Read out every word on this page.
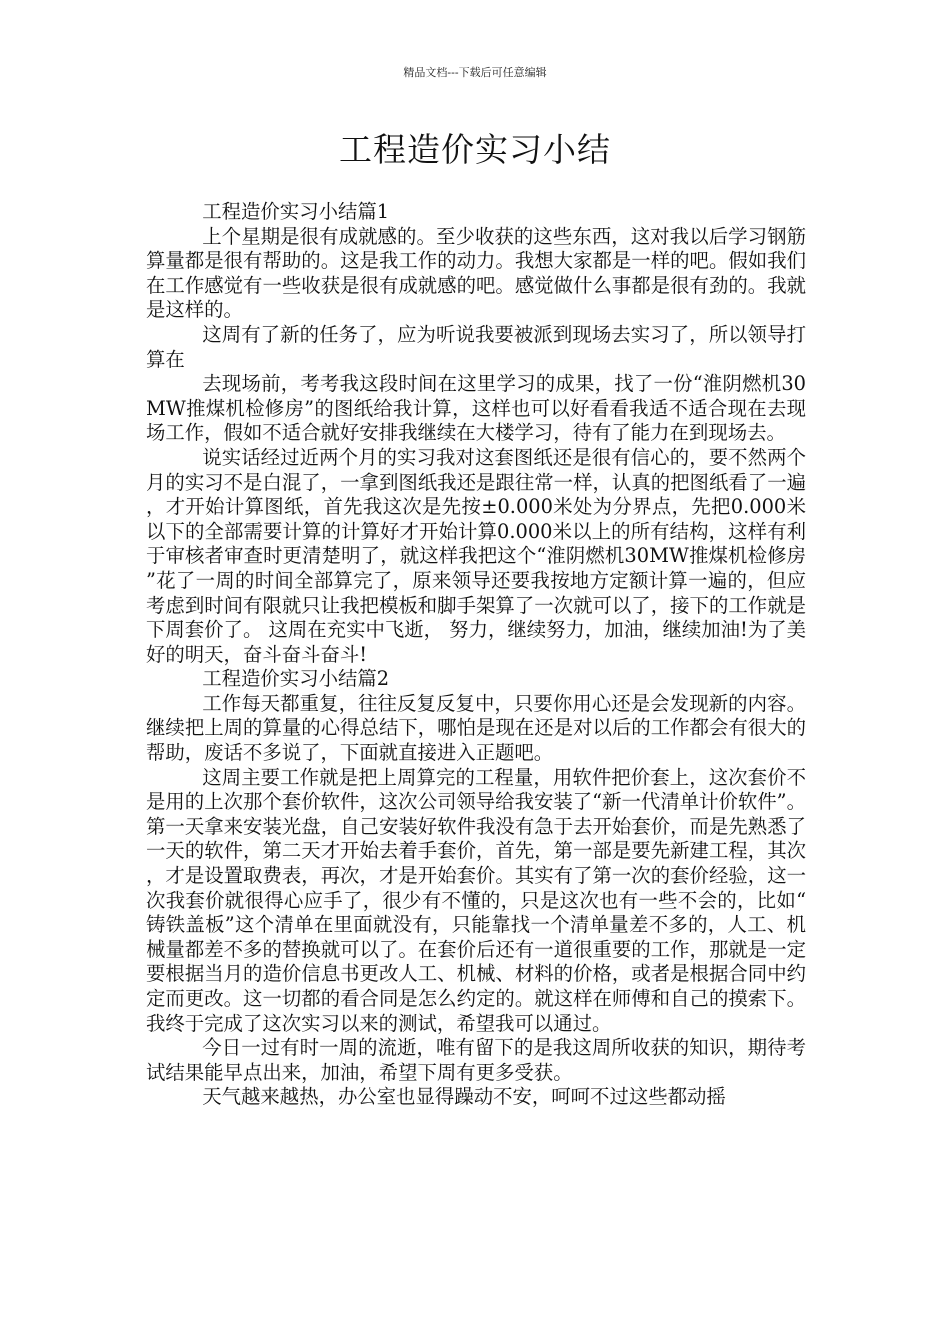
精品文档---下载后可任意编辑
工程造价实习小结

工程造价实习小结篇1

上个星期是很有成就感的。至少收获的这些东西，这对我以后学习钢筋算量都是很有帮助的。这是我工作的动力。我想大家都是一样的吧。假如我们在工作感觉有一些收获是很有成就感的吧。感觉做什么事都是很有劲的。我就是这样的。

这周有了新的任务了，应为听说我要被派到现场去实习了，所以领导打算在

去现场前，考考我这段时间在这里学习的成果，找了一份“淮阴燃机30MW推煤机检修房”的图纸给我计算，这样也可以好看看我适不适合现在去现场工作，假如不适合就好安排我继续在大楼学习，待有了能力在到现场去。

说实话经过近两个月的实习我对这套图纸还是很有信心的，要不然两个月的实习不是白混了，一拿到图纸我还是跟往常一样，认真的把图纸看了一遍，才开始计算图纸，首先我这次是先按±0.000米处为分界点，先把0.000米以下的全部需要计算的计算好才开始计算0.000米以上的所有结构，这样有利于审核者审查时更清楚明了，就这样我把这个“淮阴燃机30MW推煤机检修房”花了一周的时间全部算完了，原来领导还要我按地方定额计算一遍的，但应考虑到时间有限就只让我把模板和脚手架算了一次就可以了，接下的工作就是下周套价了。 这周在充实中飞逝， 努力，继续努力，加油，继续加油!为了美好的明天，奋斗奋斗奋斗!

工程造价实习小结篇2

工作每天都重复，往往反复反复中，只要你用心还是会发现新的内容。继续把上周的算量的心得总结下，哪怕是现在还是对以后的工作都会有很大的帮助，废话不多说了，下面就直接进入正题吧。

这周主要工作就是把上周算完的工程量，用软件把价套上，这次套价不是用的上次那个套价软件，这次公司领导给我安装了“新一代清单计价软件”。第一天拿来安装光盘，自己安装好软件我没有急于去开始套价，而是先熟悉了一天的软件，第二天才开始去着手套价，首先，第一部是要先新建工程，其次，才是设置取费表，再次，才是开始套价。其实有了第一次的套价经验，这一次我套价就很得心应手了，很少有不懂的，只是这次也有一些不会的，比如“铸铁盖板”这个清单在里面就没有，只能靠找一个清单量差不多的，人工、机械量都差不多的替换就可以了。在套价后还有一道很重要的工作，那就是一定要根据当月的造价信息书更改人工、机械、材料的价格，或者是根据合同中约定而更改。这一切都的看合同是怎么约定的。就这样在师傅和自己的摸索下。我终于完成了这次实习以来的测试，希望我可以通过。

今日一过有时一周的流逝，唯有留下的是我这周所收获的知识，期待考试结果能早点出来，加油，希望下周有更多受获。

天气越来越热，办公室也显得躁动不安，呵呵不过这些都动摇
